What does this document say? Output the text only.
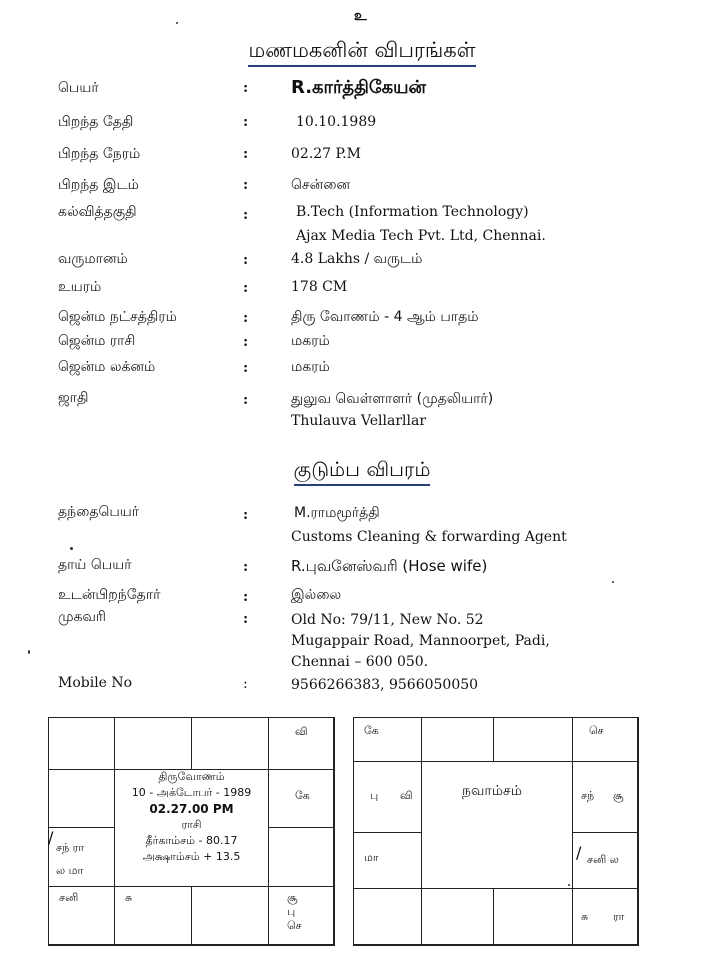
உ
மணமகனின் விபரங்கள்
பெயர்	: R.கார்த்திகேயன்
பிறந்த தேதி	:	10.10.1989
பிறந்த நேரம்	:	02.27 P.M
பிறந்த இடம்	:	சென்னை
கல்வித்தகுதி	:	B.Tech (Information Technology)
Ajax Media Tech Pvt. Ltd, Chennai.
வருமானம்	:	4.8 Lakhs / வருடம்
உயரம்	:	178 CM
ஜென்ம நட்சத்திரம்	:	திரு வோணம் - 4 ஆம் பாதம்
ஜென்ம ராசி	:	மகரம்
ஜென்ம லக்னம்	:	மகரம்
ஜாதி	:	துலுவ வெள்ளாளர் (முதலியார்)
Thulauva Vellarllar
குடும்ப விபரம்
தந்தைபெயர்	:	M.ராமமூர்த்தி
Customs Cleaning & forwarding Agent
தாய் பெயர்	:	R.புவனேஸ்வரி (Hose wife)
உடன்பிறந்தோர்	:	இல்லை
முகவரி	:	Old No: 79/11, New No. 52
Mugappair Road, Mannoorpet, Padi,
Chennai – 600 050.
Mobile No	:	9566266383, 9566050050
வி
கே
/
சந் ரா
ல மா
சனி	சு	சூ
பு
செ
திருவோணம்
10 - அக்டோபர் - 1989
02.27.00 PM
ராசி
தீர்காம்சம் - 80.17
அக்ஷாம்சம் + 13.5
கே	செ
பு வி	சந் சூ
மா	/ சனி ல
சு ரா
நவாம்சம்
